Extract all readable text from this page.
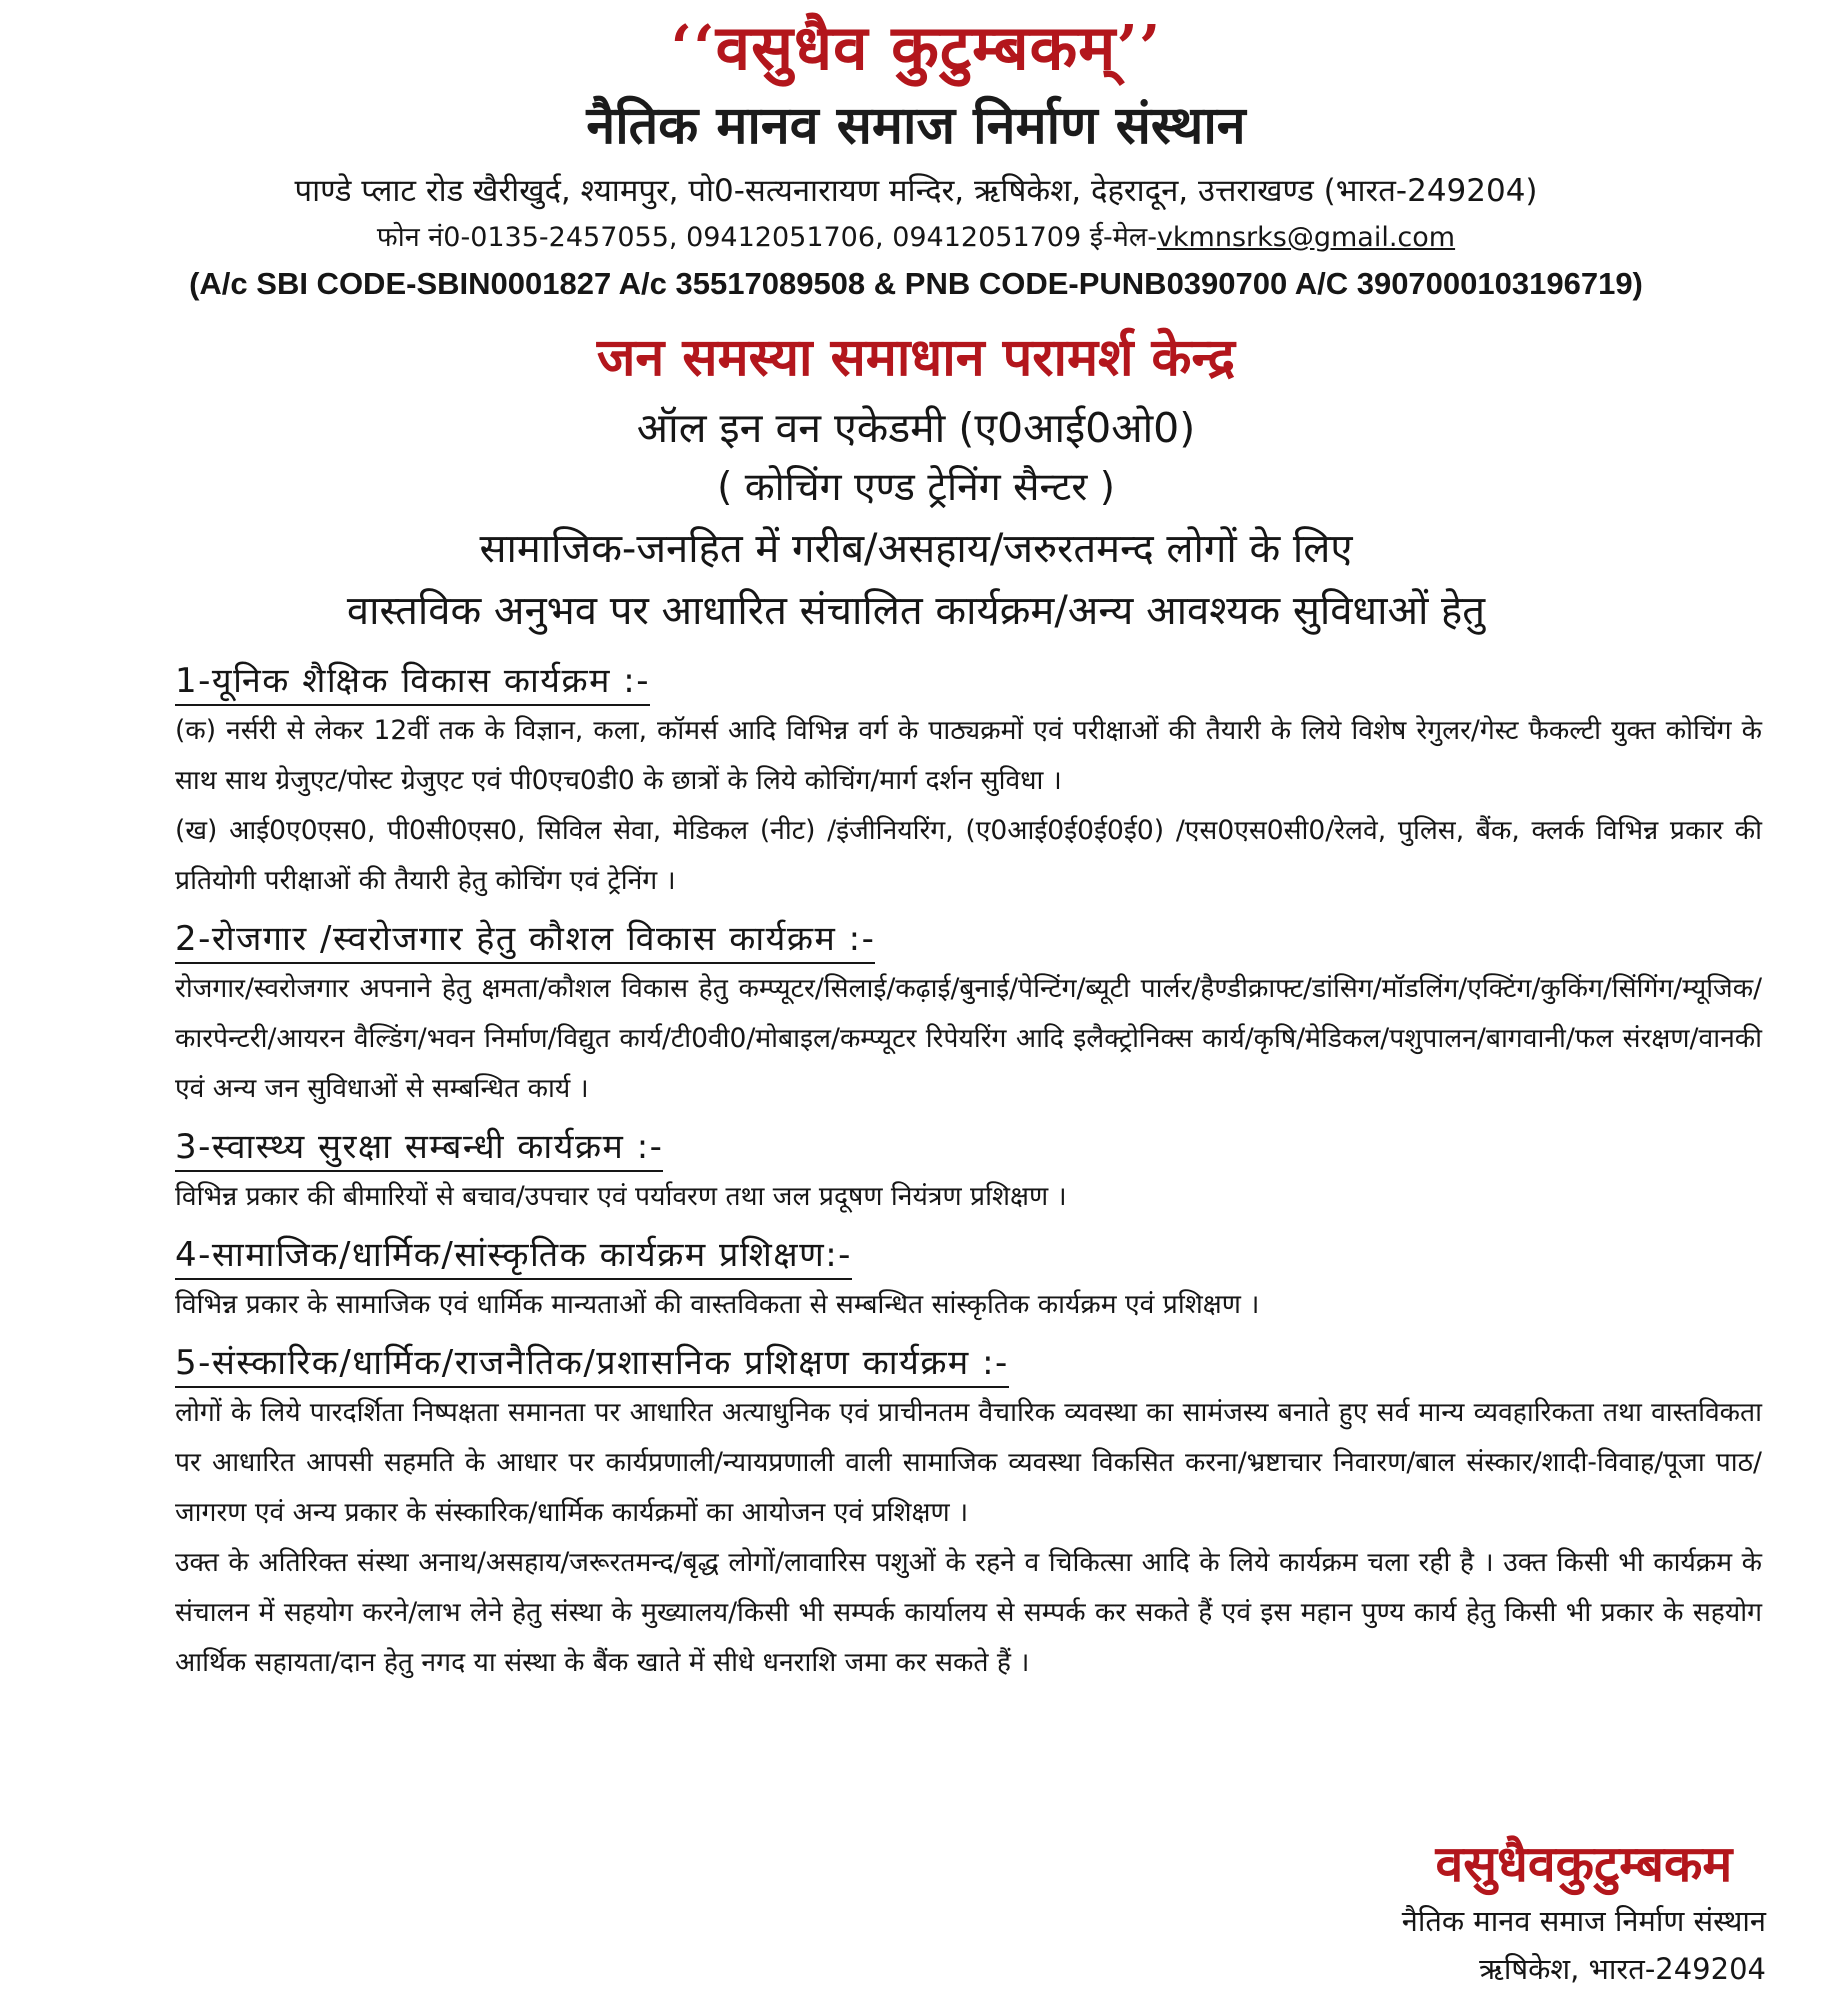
‘‘वसुधैव कुटुम्बकम्’’
नैतिक मानव समाज निर्माण संस्थान
पाण्डे प्लाट रोड खैरीखुर्द, श्यामपुर, पो0-सत्यनारायण मन्दिर, ऋषिकेश, देहरादून, उत्तराखण्ड (भारत-249204)
फोन नं0-0135-2457055, 09412051706, 09412051709 ई-मेल-vkmnsrks@gmail.com
(A/c SBI CODE-SBIN0001827 A/c 35517089508 & PNB CODE-PUNB0390700 A/C 3907000103196719)
जन समस्या समाधान परामर्श केन्द्र
ऑल इन वन एकेडमी (ए0आई0ओ0)
( कोचिंग एण्ड ट्रेनिंग सैन्टर )
सामाजिक-जनहित में गरीब/असहाय/जरुरतमन्द लोगों के लिए
वास्तविक अनुभव पर आधारित संचालित कार्यक्रम/अन्य आवश्यक सुविधाओं हेतु
1-यूनिक शैक्षिक विकास कार्यक्रम :-

(क) नर्सरी से लेकर 12वीं तक के विज्ञान, कला, कॉमर्स आदि विभिन्न वर्ग के पाठ्यक्रमों एवं परीक्षाओं की तैयारी के लिये विशेष रेगुलर/गेस्ट फैकल्टी युक्त कोचिंग के साथ साथ ग्रेजुएट/पोस्ट ग्रेजुएट एवं पी0एच0डी0 के छात्रों के लिये कोचिंग/मार्ग दर्शन सुविधा ।

(ख) आई0ए0एस0, पी0सी0एस0, सिविल सेवा, मेडिकल (नीट) /इंजीनियरिंग, (ए0आई0ई0ई0ई0) /एस0एस0सी0/रेलवे, पुलिस, बैंक, क्लर्क विभिन्न प्रकार की प्रतियोगी परीक्षाओं की तैयारी हेतु कोचिंग एवं ट्रेनिंग ।

2-रोजगार /स्वरोजगार हेतु कौशल विकास कार्यक्रम :-

रोजगार/स्वरोजगार अपनाने हेतु क्षमता/कौशल विकास हेतु कम्प्यूटर/सिलाई/कढ़ाई/बुनाई/पेन्टिंग/ब्यूटी पार्लर/हैण्डीक्राफ्ट/डांसिग/मॉडलिंग/एक्टिंग/कुकिंग/सिंगिंग/म्यूजिक/कारपेन्टरी/आयरन वैल्डिंग/भवन निर्माण/विद्युत कार्य/टी0वी0/मोबाइल/कम्प्यूटर रिपेयरिंग आदि इलैक्ट्रोनिक्स कार्य/कृषि/मेडिकल/पशुपालन/बागवानी/फल संरक्षण/वानकी एवं अन्य जन सुविधाओं से सम्बन्धित कार्य ।

3-स्वास्थ्य सुरक्षा सम्बन्धी कार्यक्रम :-

विभिन्न प्रकार की बीमारियों से बचाव/उपचार एवं पर्यावरण तथा जल प्रदूषण नियंत्रण प्रशिक्षण ।

4-सामाजिक/धार्मिक/सांस्कृतिक कार्यक्रम प्रशिक्षण:-

विभिन्न प्रकार के सामाजिक एवं धार्मिक मान्यताओं की वास्तविकता से सम्बन्धित सांस्कृतिक कार्यक्रम एवं प्रशिक्षण ।

5-संस्कारिक/धार्मिक/राजनैतिक/प्रशासनिक प्रशिक्षण कार्यक्रम :-

लोगों के लिये पारदर्शिता निष्पक्षता समानता पर आधारित अत्याधुनिक एवं प्राचीनतम वैचारिक व्यवस्था का सामंजस्य बनाते हुए सर्व मान्य व्यवहारिकता तथा वास्तविकता पर आधारित आपसी सहमति के आधार पर कार्यप्रणाली/न्यायप्रणाली वाली सामाजिक व्यवस्था विकसित करना/भ्रष्टाचार निवारण/बाल संस्कार/शादी-विवाह/पूजा पाठ/जागरण एवं अन्य प्रकार के संस्कारिक/धार्मिक कार्यक्रमों का आयोजन एवं प्रशिक्षण ।

उक्त के अतिरिक्त संस्था अनाथ/असहाय/जरूरतमन्द/बृद्ध लोगों/लावारिस पशुओं के रहने व चिकित्सा आदि के लिये कार्यक्रम चला रही है । उक्त किसी भी कार्यक्रम के संचालन में सहयोग करने/लाभ लेने हेतु संस्था के मुख्यालय/किसी भी सम्पर्क कार्यालय से सम्पर्क कर सकते हैं एवं इस महान पुण्य कार्य हेतु किसी भी प्रकार के सहयोग आर्थिक सहायता/दान हेतु नगद या संस्था के बैंक खाते में सीधे धनराशि जमा कर सकते हैं ।

वसुधैवकुटुम्बकम
नैतिक मानव समाज निर्माण संस्थान
ऋषिकेश, भारत-249204
